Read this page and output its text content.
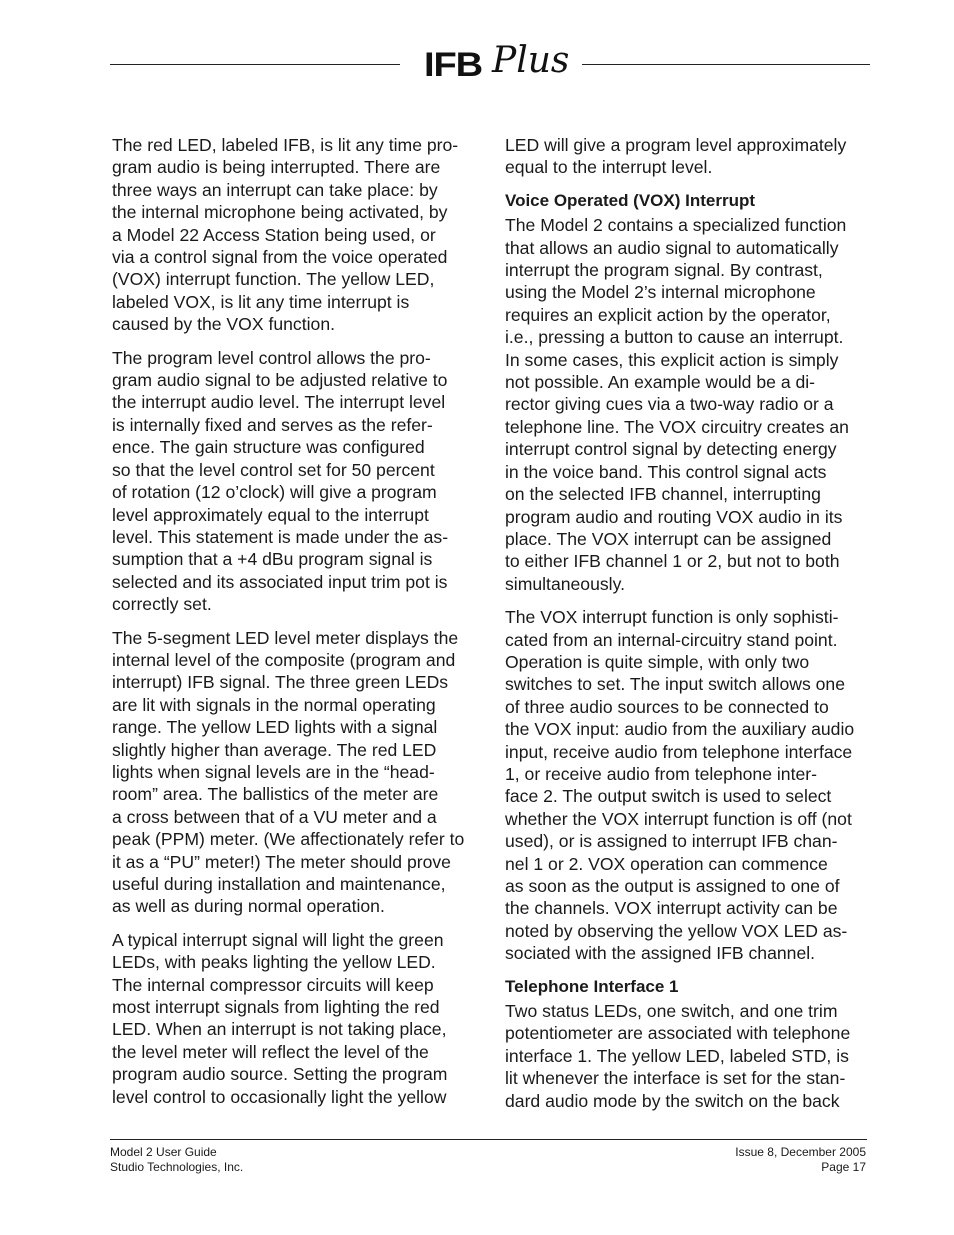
IFB Plus

The red LED, labeled IFB, is lit any time pro-
gram audio is being interrupted. There are
three ways an interrupt can take place: by
the internal microphone being activated, by
a Model 22 Access Station being used, or
via a control signal from the voice operated
(VOX) interrupt function. The yellow LED,
labeled VOX, is lit any time interrupt is
caused by the VOX function.

The program level control allows the pro-
gram audio signal to be adjusted relative to
the interrupt audio level. The interrupt level
is internally fixed and serves as the refer-
ence. The gain structure was configured
so that the level control set for 50 percent
of rotation (12 o’clock) will give a program
level approximately equal to the interrupt
level. This statement is made under the as-
sumption that a +4 dBu program signal is
selected and its associated input trim pot is
correctly set.

The 5-segment LED level meter displays the
internal level of the composite (program and
interrupt) IFB signal. The three green LEDs
are lit with signals in the normal operating
range. The yellow LED lights with a signal
slightly higher than average. The red LED
lights when signal levels are in the “head-
room” area. The ballistics of the meter are
a cross between that of a VU meter and a
peak (PPM) meter. (We affectionately refer to
it as a “PU” meter!) The meter should prove
useful during installation and maintenance,
as well as during normal operation.

A typical interrupt signal will light the green
LEDs, with peaks lighting the yellow LED.
The internal compressor circuits will keep
most interrupt signals from lighting the red
LED. When an interrupt is not taking place,
the level meter will reflect the level of the
program audio source. Setting the program
level control to occasionally light the yellow

LED will give a program level approximately
equal to the interrupt level.

Voice Operated (VOX) Interrupt

The Model 2 contains a specialized function
that allows an audio signal to automatically
interrupt the program signal. By contrast,
using the Model 2’s internal microphone
requires an explicit action by the operator,
i.e., pressing a button to cause an interrupt.
In some cases, this explicit action is simply
not possible. An example would be a di-
rector giving cues via a two-way radio or a
telephone line. The VOX circuitry creates an
interrupt control signal by detecting energy
in the voice band. This control signal acts
on the selected IFB channel, interrupting
program audio and routing VOX audio in its
place. The VOX interrupt can be assigned
to either IFB channel 1 or 2, but not to both
simultaneously.

The VOX interrupt function is only sophisti-
cated from an internal-circuitry stand point.
Operation is quite simple, with only two
switches to set. The input switch allows one
of three audio sources to be connected to
the VOX input: audio from the auxiliary audio
input, receive audio from telephone interface
1, or receive audio from telephone inter-
face 2. The output switch is used to select
whether the VOX interrupt function is off (not
used), or is assigned to interrupt IFB chan-
nel 1 or 2. VOX operation can commence
as soon as the output is assigned to one of
the channels. VOX interrupt activity can be
noted by observing the yellow VOX LED as-
sociated with the assigned IFB channel.

Telephone Interface 1

Two status LEDs, one switch, and one trim
potentiometer are associated with telephone
interface 1. The yellow LED, labeled STD, is
lit whenever the interface is set for the stan-
dard audio mode by the switch on the back

Model 2 User Guide
Studio Technologies, Inc.
Issue 8, December 2005
Page 17
